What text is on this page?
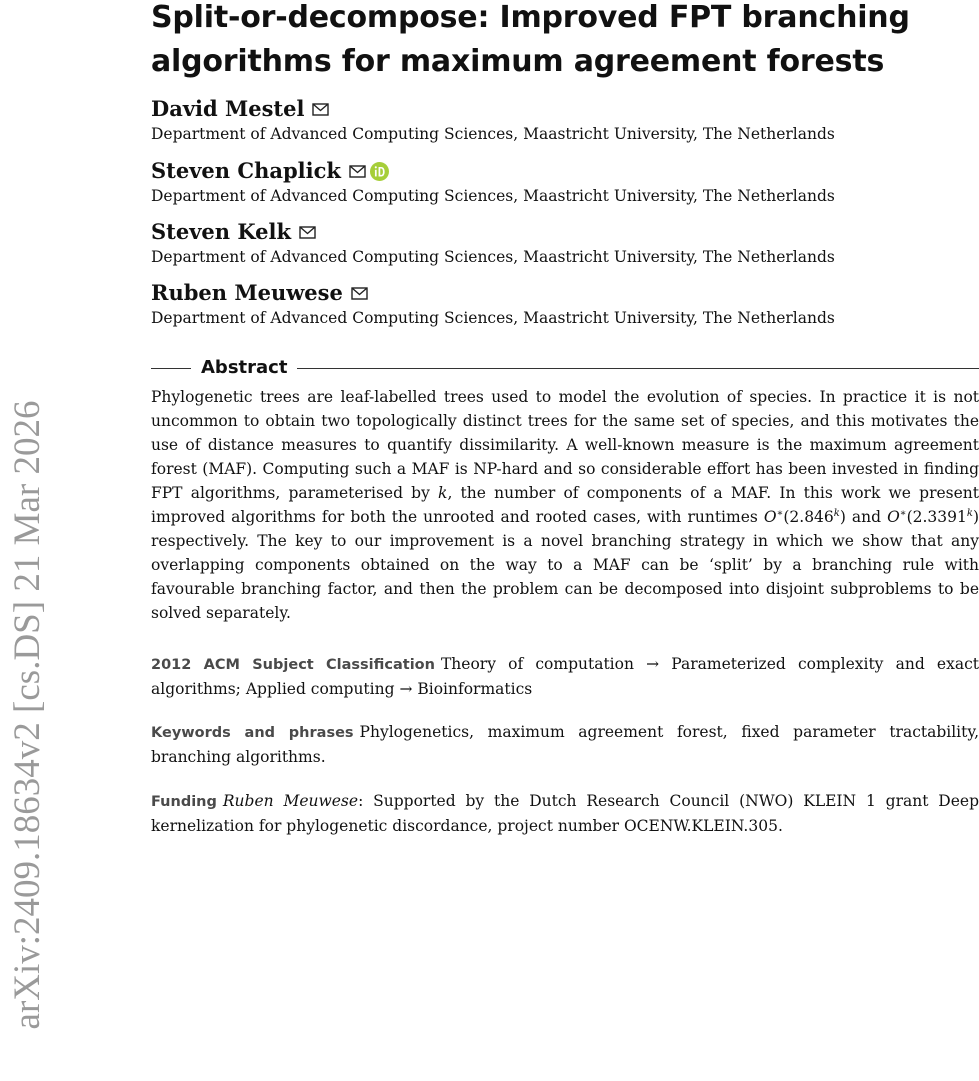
arXiv:2409.18634v2 [cs.DS] 21 Mar 2026
Split-or-decompose: Improved FPT branching algorithms for maximum agreement forests
David Mestel
Department of Advanced Computing Sciences, Maastricht University, The Netherlands
Steven Chaplick
Department of Advanced Computing Sciences, Maastricht University, The Netherlands
Steven Kelk
Department of Advanced Computing Sciences, Maastricht University, The Netherlands
Ruben Meuwese
Department of Advanced Computing Sciences, Maastricht University, The Netherlands
Abstract

Phylogenetic trees are leaf-labelled trees used to model the evolution of species. In practice it is not uncommon to obtain two topologically distinct trees for the same set of species, and this motivates the use of distance measures to quantify dissimilarity. A well-known measure is the maximum agreement forest (MAF). Computing such a MAF is NP-hard and so considerable effort has been invested in finding FPT algorithms, parameterised by k, the number of components of a MAF. In this work we present improved algorithms for both the unrooted and rooted cases, with runtimes O∗(2.846$^k$) and O∗(2.3391$^k$) respectively. The key to our improvement is a novel branching strategy in which we show that any overlapping components obtained on the way to a MAF can be ‘split’ by a branching rule with favourable branching factor, and then the problem can be decomposed into disjoint subproblems to be solved separately.

2012 ACM Subject Classification Theory of computation → Parameterized complexity and exact algorithms; Applied computing → Bioinformatics

Keywords and phrases Phylogenetics, maximum agreement forest, fixed parameter tractability, branching algorithms.

Funding Ruben Meuwese: Supported by the Dutch Research Council (NWO) KLEIN 1 grant Deep kernelization for phylogenetic discordance, project number OCENW.KLEIN.305.
